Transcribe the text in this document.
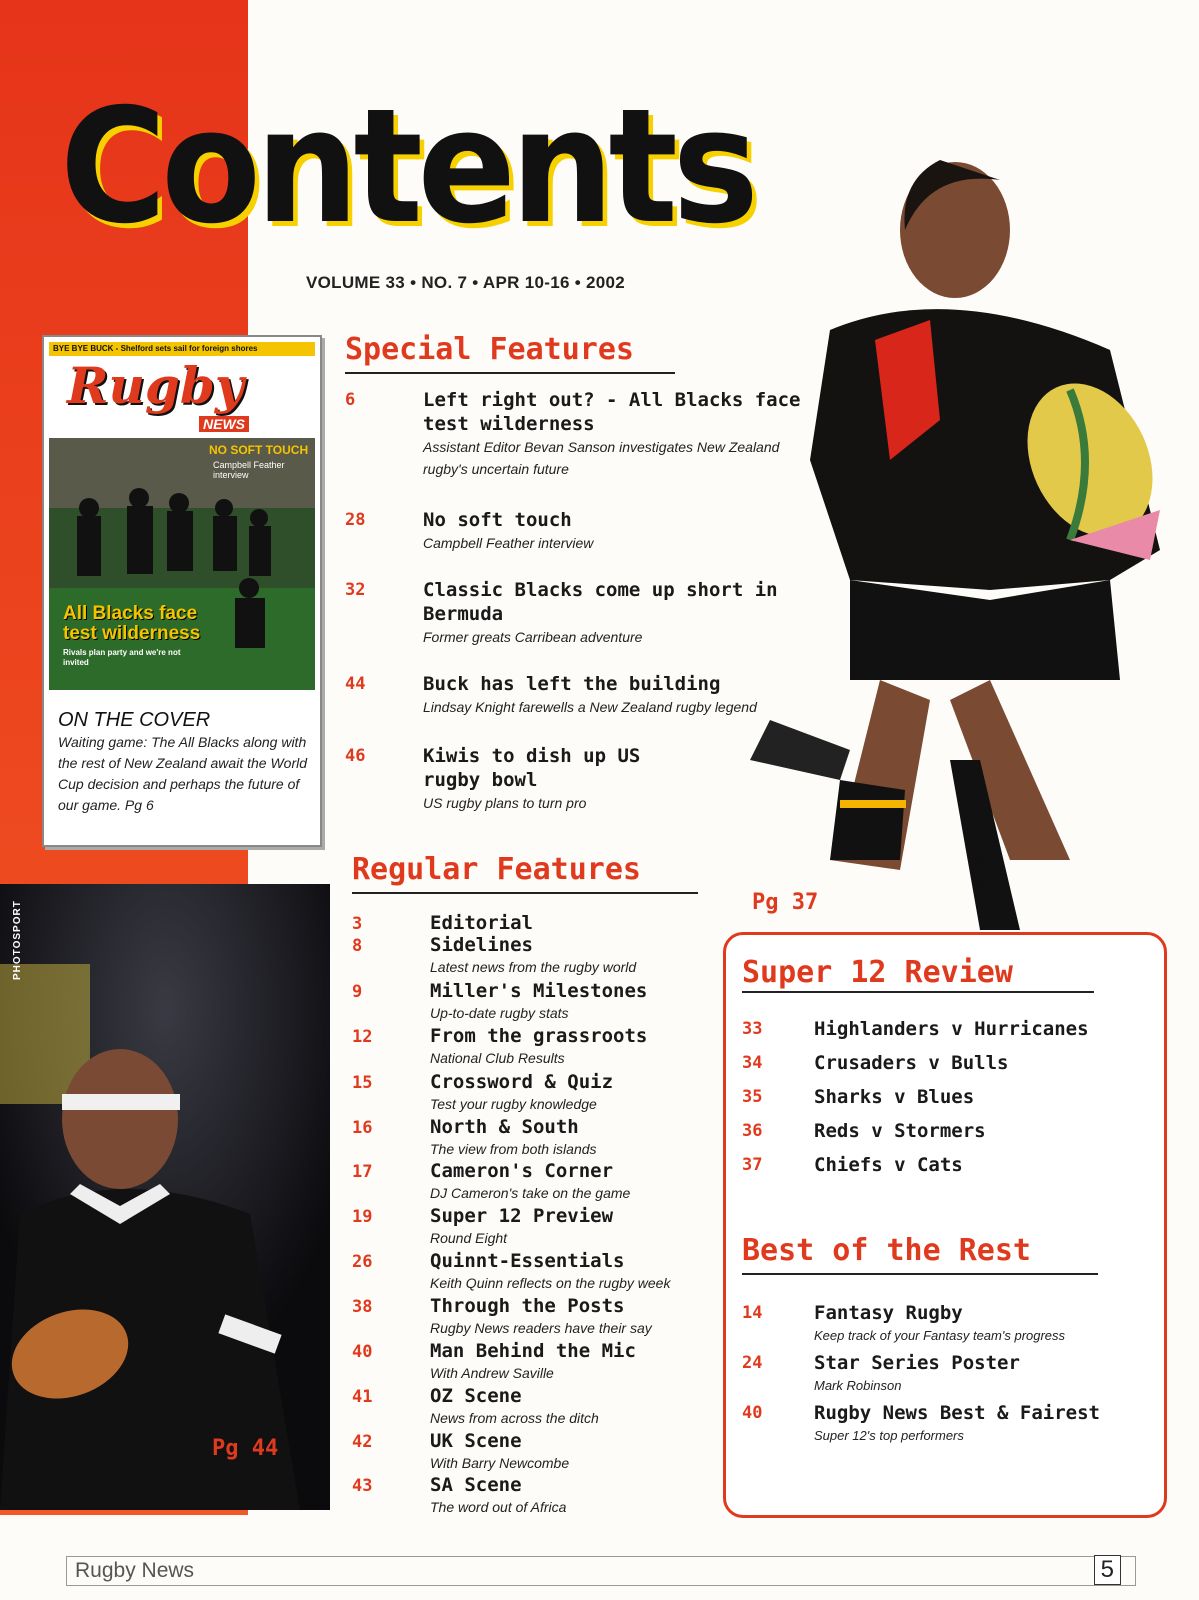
Contents
VOLUME 33 • NO. 7 • APR 10-16 • 2002
BYE BYE BUCK - Shelford sets sail for foreign shores
Rugby
NEWS
NO SOFT TOUCH
Campbell Feather interview
All Blacks face test wilderness
Rivals plan party and we're not invited
ON THE COVER
Waiting game: The All Blacks along with the rest of New Zealand await the World Cup decision and perhaps the future of our game. Pg 6
PHOTOSPORT
Pg 44
PHOTOSPORT
Special Features
6	Left right out? - All Blacks face test wilderness
Assistant Editor Bevan Sanson investigates New Zealand rugby's uncertain future
28	No soft touch
Campbell Feather interview
32	Classic Blacks come up short in Bermuda
Former greats Carribean adventure
44	Buck has left the building
Lindsay Knight farewells a New Zealand rugby legend
46	Kiwis to dish up US rugby bowl
US rugby plans to turn pro
Regular Features
3	Editorial
8	Sidelines
Latest news from the rugby world
9	Miller's Milestones
Up-to-date rugby stats
12	From the grassroots
National Club Results
15	Crossword & Quiz
Test your rugby knowledge
16	North & South
The view from both islands
17	Cameron's Corner
DJ Cameron's take on the game
19	Super 12 Preview
Round Eight
26	Quinnt-Essentials
Keith Quinn reflects on the rugby week
38	Through the Posts
Rugby News readers have their say
40	Man Behind the Mic
With Andrew Saville
41	OZ Scene
News from across the ditch
42	UK Scene
With Barry Newcombe
43	SA Scene
The word out of Africa
Pg 37
Super 12 Review
33	Highlanders v Hurricanes
34	Crusaders v Bulls
35	Sharks v Blues
36	Reds v Stormers
37	Chiefs v Cats
Best of the Rest
14	Fantasy Rugby
Keep track of your Fantasy team's progress
24	Star Series Poster
Mark Robinson
40	Rugby News Best & Fairest
Super 12's top performers
Rugby News	5
